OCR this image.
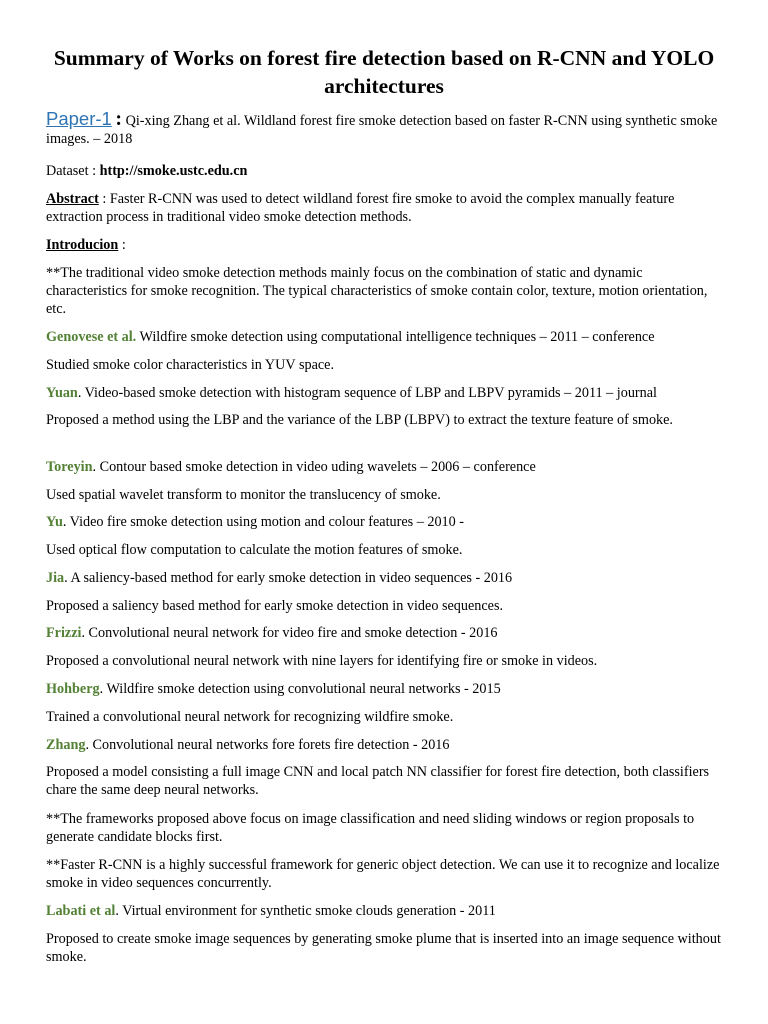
Summary of Works on forest fire detection based on R-CNN and YOLO architectures

Paper-1 : Qi-xing Zhang et al. Wildland forest fire smoke detection based on faster R-CNN using synthetic smoke images. – 2018

Dataset : http://smoke.ustc.edu.cn

Abstract : Faster R-CNN was used to detect wildland forest fire smoke to avoid the complex manually feature extraction process in traditional video smoke detection methods.

Introducion :

**The traditional video smoke detection methods mainly focus on the combination of static and dynamic characteristics for smoke recognition. The typical characteristics of smoke contain color, texture, motion orientation, etc.

Genovese et al. Wildfire smoke detection using computational intelligence techniques – 2011 – conference

Studied smoke color characteristics in YUV space.

Yuan. Video-based smoke detection with histogram sequence of LBP and LBPV pyramids – 2011 – journal

Proposed a method using the LBP and the variance of the LBP (LBPV) to extract the texture feature of smoke.

Toreyin. Contour based smoke detection in video uding wavelets – 2006 – conference

Used spatial wavelet transform to monitor the translucency of smoke.

Yu. Video fire smoke detection using motion and colour features – 2010 -

Used optical flow computation to calculate the motion features of smoke.

Jia. A saliency-based method for early smoke detection in video sequences - 2016

Proposed a saliency based method for early smoke detection in video sequences.

Frizzi. Convolutional neural network for video fire and smoke detection - 2016

Proposed a convolutional neural network with nine layers for identifying fire or smoke in videos.

Hohberg. Wildfire smoke detection using convolutional neural networks - 2015

Trained a convolutional neural network for recognizing wildfire smoke.

Zhang. Convolutional neural networks fore forets fire detection - 2016

Proposed a model consisting a full image CNN and local patch NN classifier for forest fire detection, both classifiers chare the same deep neural networks.

**The frameworks proposed above focus on image classification and need sliding windows or region proposals to generate candidate blocks first.

**Faster R-CNN is a highly successful framework for generic object detection. We can use it to recognize and localize smoke in video sequences concurrently.

Labati et al. Virtual environment for synthetic smoke clouds generation - 2011

Proposed to create smoke image sequences by generating smoke plume that is inserted into an image sequence without smoke.
